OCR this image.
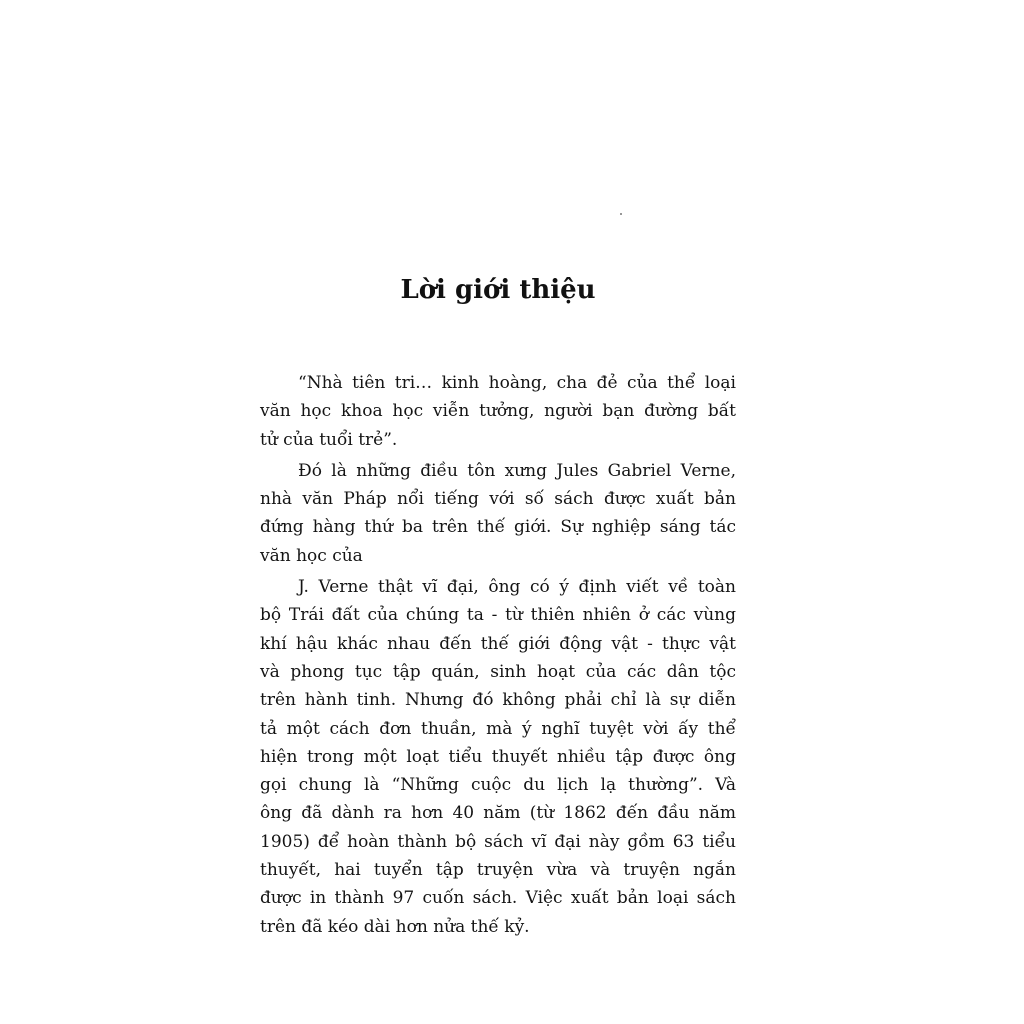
Lời giới thiệu

“Nhà tiên tri… kinh hoàng, cha đẻ của thể loại
văn học khoa học viễn tưởng, người bạn đường bất
tử của tuổi trẻ”.

Đó là những điều tôn xưng Jules Gabriel Verne,
nhà văn Pháp nổi tiếng với số sách được xuất bản
đứng hàng thứ ba trên thế giới. Sự nghiệp sáng tác
văn học của

J. Verne thật vĩ đại, ông có ý định viết về toàn
bộ Trái đất của chúng ta - từ thiên nhiên ở các vùng
khí hậu khác nhau đến thế giới động vật - thực vật
và phong tục tập quán, sinh hoạt của các dân tộc
trên hành tinh. Nhưng đó không phải chỉ là sự diễn
tả một cách đơn thuần, mà ý nghĩ tuyệt vời ấy thể
hiện trong một loạt tiểu thuyết nhiều tập được ông
gọi chung là “Những cuộc du lịch lạ thường”. Và
ông đã dành ra hơn 40 năm (từ 1862 đến đầu năm
1905) để hoàn thành bộ sách vĩ đại này gồm 63 tiểu
thuyết, hai tuyển tập truyện vừa và truyện ngắn
được in thành 97 cuốn sách. Việc xuất bản loại sách
trên đã kéo dài hơn nửa thế kỷ.
